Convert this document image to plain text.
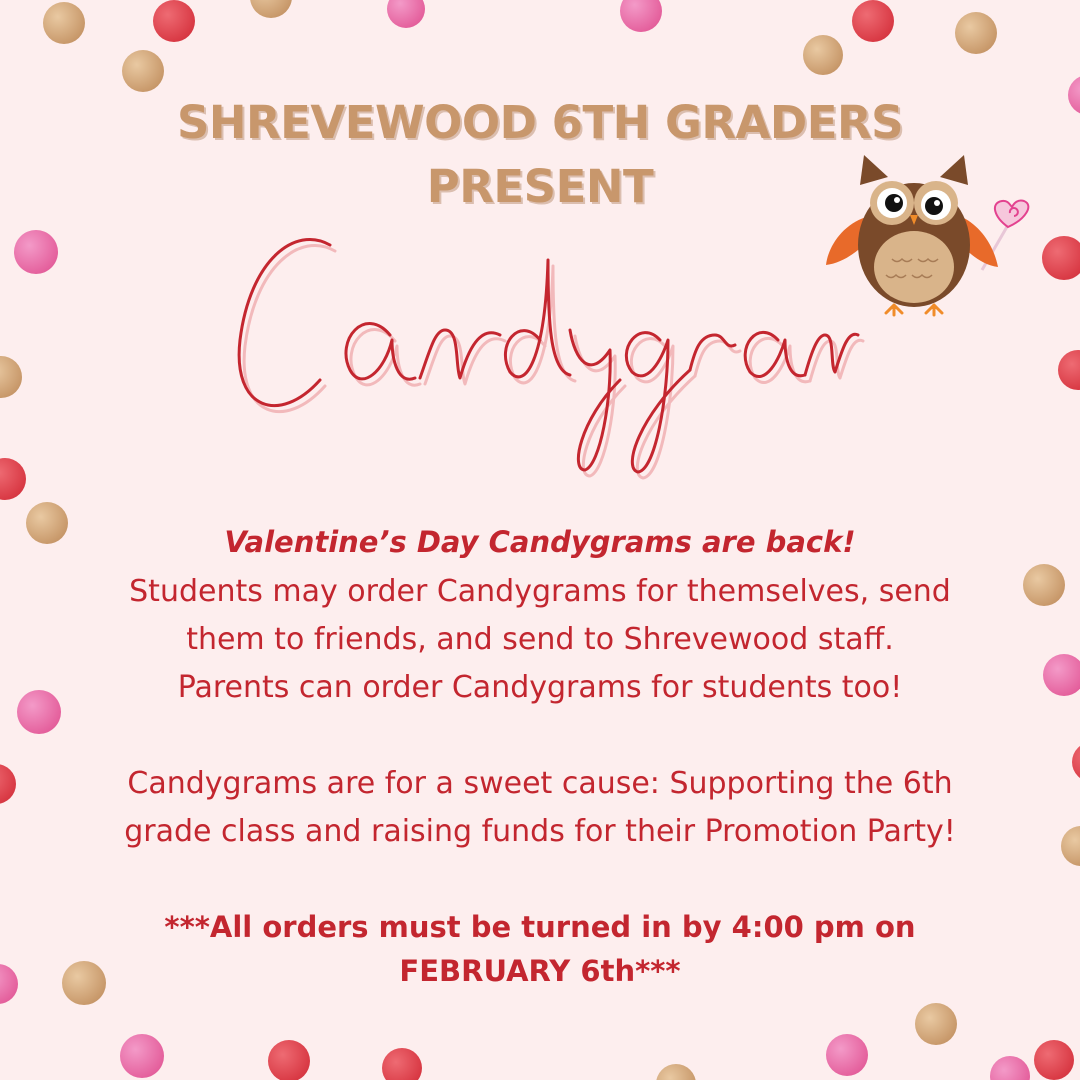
SHREVEWOOD 6TH GRADERS
PRESENT
Valentine’s Day Candygrams are back!
Students may order Candygrams for themselves, send
them to friends, and send to Shrevewood staff.
Parents can order Candygrams for students too!
Candygrams are for a sweet cause: Supporting the 6th
grade class and raising funds for their Promotion Party!
***All orders must be turned in by 4:00 pm on
FEBRUARY 6th***
